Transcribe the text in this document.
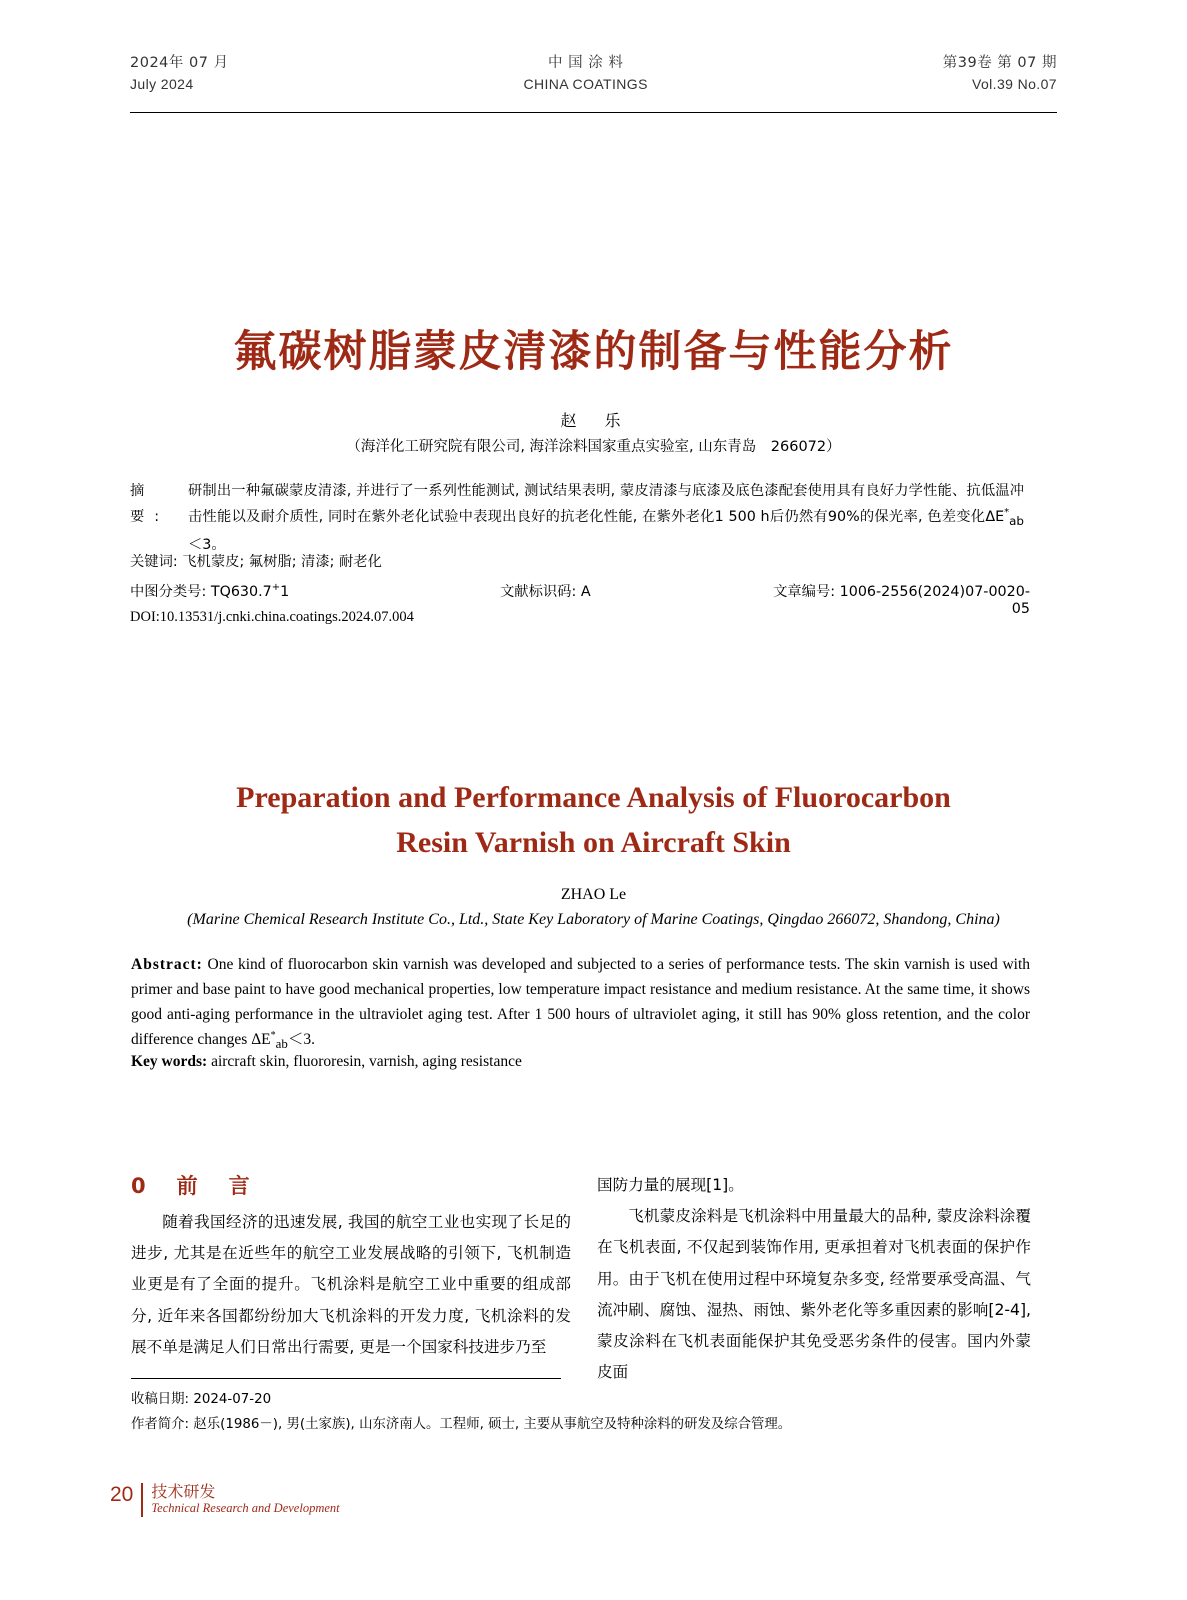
2024年 07 月
July 2024
中 国 涂 料
CHINA COATINGS
第39卷 第 07 期
Vol.39 No.07
氟碳树脂蒙皮清漆的制备与性能分析
赵　乐
（海洋化工研究院有限公司, 海洋涂料国家重点实验室, 山东青岛　266072）
摘　要:研制出一种氟碳蒙皮清漆, 并进行了一系列性能测试, 测试结果表明, 蒙皮清漆与底漆及底色漆配套使用具有良好力学性能、抗低温冲击性能以及耐介质性, 同时在紫外老化试验中表现出良好的抗老化性能, 在紫外老化1 500 h后仍然有90%的保光率, 色差变化$\Delta E^*_{ab}<3$。
关键词: 飞机蒙皮; 氟树脂; 清漆; 耐老化
中图分类号: TQ630.7+1	文献标识码: A	文章编号: 1006-2556(2024)07-0020-05
DOI:10.13531/j.cnki.china.coatings.2024.07.004
Preparation and Performance Analysis of Fluorocarbon
Resin Varnish on Aircraft Skin
ZHAO Le
(Marine Chemical Research Institute Co., Ltd., State Key Laboratory of Marine Coatings, Qingdao 266072, Shandong, China)

Abstract: One kind of fluorocarbon skin varnish was developed and subjected to a series of performance tests. The skin varnish is used with primer and base paint to have good mechanical properties, low temperature impact resistance and medium resistance. At the same time, it shows good anti-aging performance in the ultraviolet aging test. After 1 500 hours of ultraviolet aging, it still has 90% gloss retention, and the color difference changes $\Delta E^*_{ab}<3$.

Key words: aircraft skin, fluororesin, varnish, aging resistance
0　前　言

随着我国经济的迅速发展, 我国的航空工业也实现了长足的进步, 尤其是在近些年的航空工业发展战略的引领下, 飞机制造业更是有了全面的提升。飞机涂料是航空工业中重要的组成部分, 近年来各国都纷纷加大飞机涂料的开发力度, 飞机涂料的发展不单是满足人们日常出行需要, 更是一个国家科技进步乃至

国防力量的展现[1]。

飞机蒙皮涂料是飞机涂料中用量最大的品种, 蒙皮涂料涂覆在飞机表面, 不仅起到装饰作用, 更承担着对飞机表面的保护作用。由于飞机在使用过程中环境复杂多变, 经常要承受高温、气流冲刷、腐蚀、湿热、雨蚀、紫外老化等多重因素的影响[2-4], 蒙皮涂料在飞机表面能保护其免受恶劣条件的侵害。国内外蒙皮面

收稿日期: 2024-07-20
作者简介: 赵乐(1986－), 男(土家族), 山东济南人。工程师, 硕士, 主要从事航空及特种涂料的研发及综合管理。
20	技术研发
Technical Research and Development
